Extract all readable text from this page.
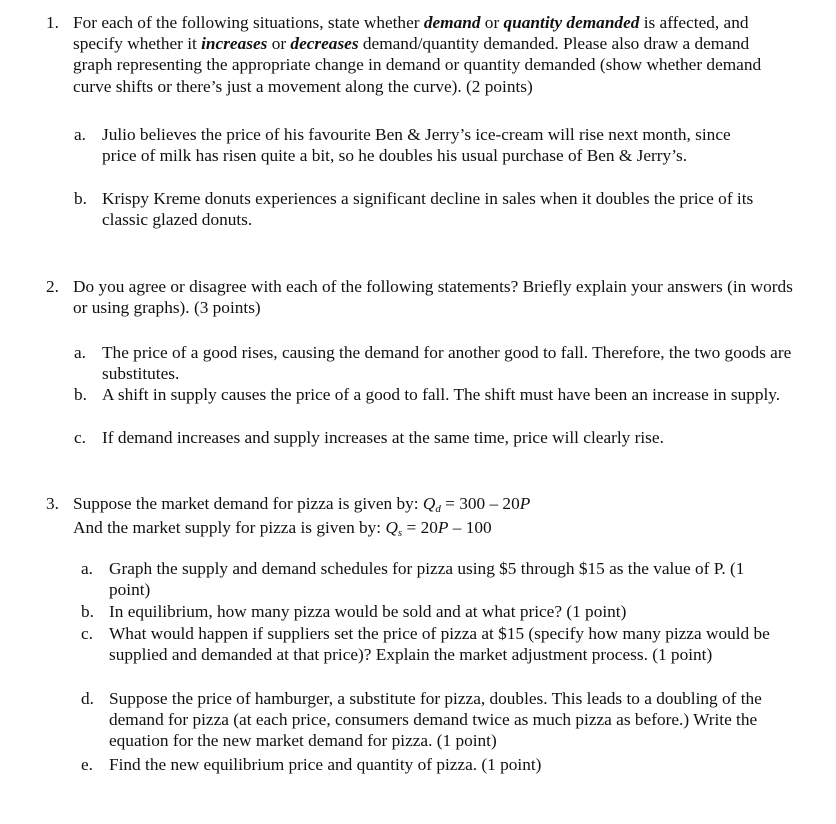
1. For each of the following situations, state whether demand or quantity demanded is affected, and specify whether it increases or decreases demand/quantity demanded. Please also draw a demand graph representing the appropriate change in demand or quantity demanded (show whether demand curve shifts or there’s just a movement along the curve). (2 points)
a. Julio believes the price of his favourite Ben & Jerry’s ice-cream will rise next month, since price of milk has risen quite a bit, so he doubles his usual purchase of Ben & Jerry’s.
b. Krispy Kreme donuts experiences a significant decline in sales when it doubles the price of its classic glazed donuts.
2. Do you agree or disagree with each of the following statements? Briefly explain your answers (in words or using graphs). (3 points)
a. The price of a good rises, causing the demand for another good to fall. Therefore, the two goods are substitutes.
b. A shift in supply causes the price of a good to fall. The shift must have been an increase in supply.
c. If demand increases and supply increases at the same time, price will clearly rise.
3. Suppose the market demand for pizza is given by: Qd = 300 – 20P
And the market supply for pizza is given by: Qs = 20P – 100
a. Graph the supply and demand schedules for pizza using $5 through $15 as the value of P. (1 point)
b. In equilibrium, how many pizza would be sold and at what price? (1 point)
c. What would happen if suppliers set the price of pizza at $15 (specify how many pizza would be supplied and demanded at that price)? Explain the market adjustment process. (1 point)
d. Suppose the price of hamburger, a substitute for pizza, doubles. This leads to a doubling of the demand for pizza (at each price, consumers demand twice as much pizza as before.) Write the equation for the new market demand for pizza. (1 point)
e. Find the new equilibrium price and quantity of pizza. (1 point)
